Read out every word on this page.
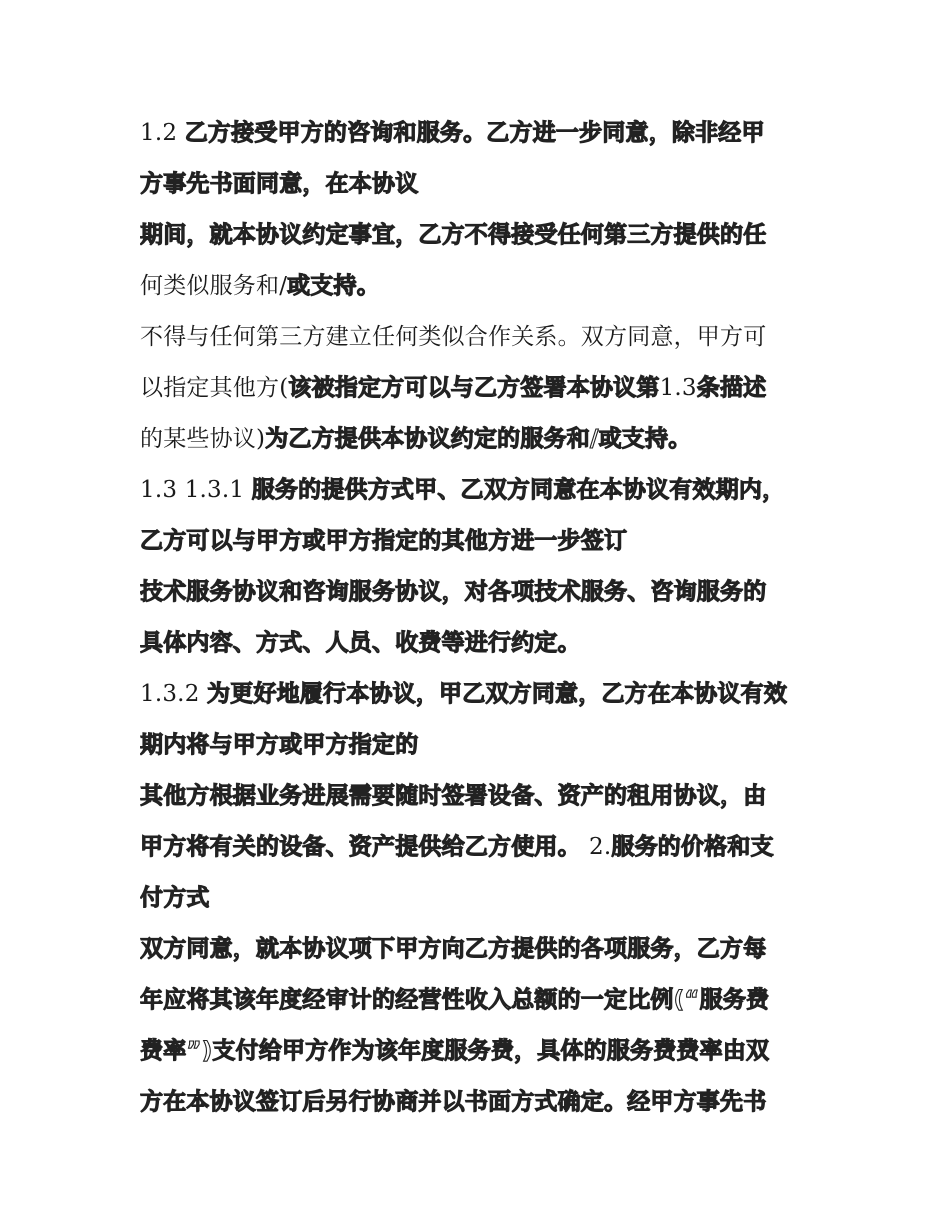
1.2 乙方接受甲方的咨询和服务。乙方进一步同意，除非经甲
方事先书面同意，在本协议
期间，就本协议约定事宜，乙方不得接受任何第三方提供的任
何类似服务和/或支持。
不得与任何第三方建立任何类似合作关系。双方同意，甲方可
以指定其他方(该被指定方可以与乙方签署本协议第1.3条描述
的某些协议)为乙方提供本协议约定的服务和/或支持。
1.3 1.3.1 服务的提供方式甲、乙双方同意在本协议有效期内，
乙方可以与甲方或甲方指定的其他方进一步签订
技术服务协议和咨询服务协议，对各项技术服务、咨询服务的
具体内容、方式、人员、收费等进行约定。
1.3.2 为更好地履行本协议，甲乙双方同意，乙方在本协议有效
期内将与甲方或甲方指定的
其他方根据业务进展需要随时签署设备、资产的租用协议，由
甲方将有关的设备、资产提供给乙方使用。 2.服务的价格和支
付方式
双方同意，就本协议项下甲方向乙方提供的各项服务，乙方每
年应将其该年度经审计的经营性收入总额的一定比例(“服务费
费率”)支付给甲方作为该年度服务费，具体的服务费费率由双
方在本协议签订后另行协商并以书面方式确定。经甲方事先书
